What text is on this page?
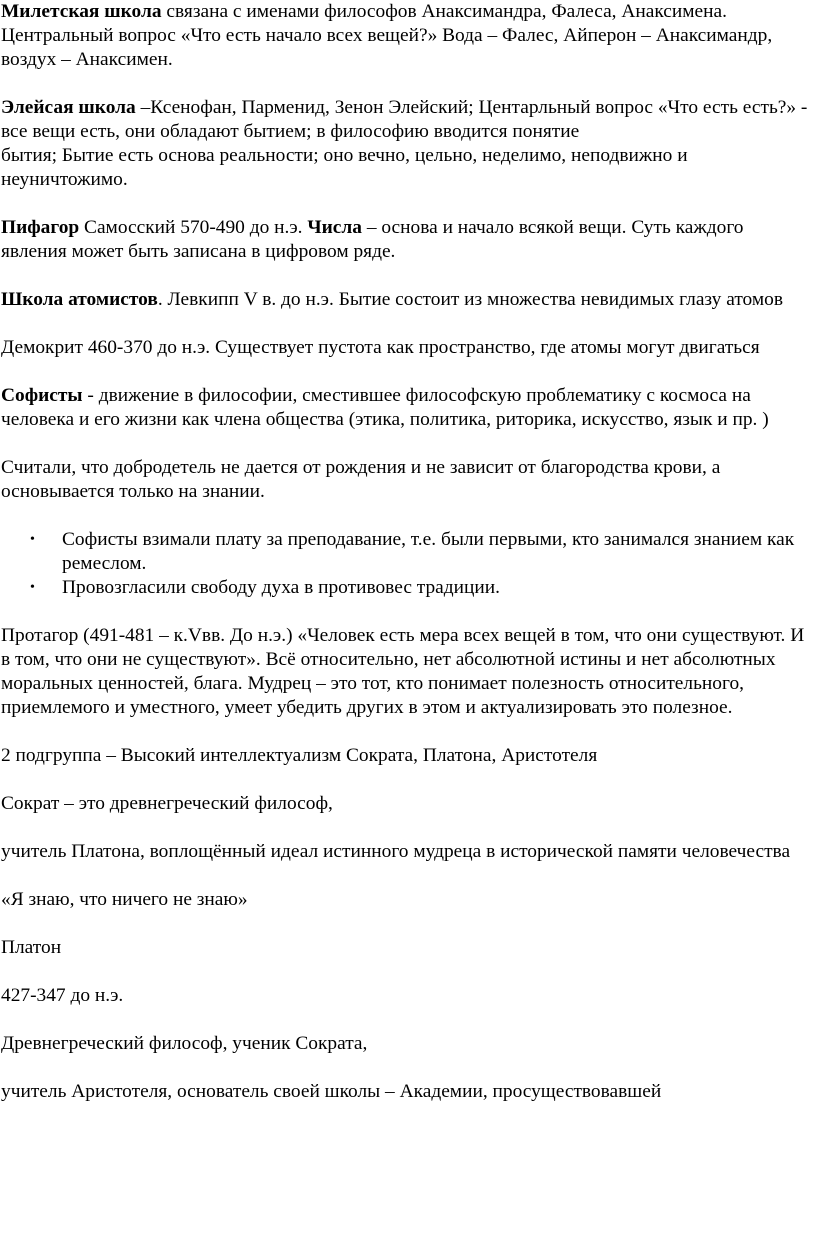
Милетская школа связана с именами философов Анаксимандра, Фалеса, Анаксимена. Центральный вопрос «Что есть начало всех вещей?» Вода – Фалес, Айперон – Анаксимандр, воздух – Анаксимен.

Элейсая школа –Ксенофан, Парменид, Зенон Элейский; Центарльный вопрос «Что есть есть?» - все вещи есть, они обладают бытием; в философию вводится понятие
бытия; Бытие есть основа реальности; оно вечно, цельно, неделимо, неподвижно и неуничтожимо.

Пифагор Самосский 570-490 до н.э. Числа – основа и начало всякой вещи. Суть каждого явления может быть записана в цифровом ряде.

Школа атомистов. Левкипп V в. до н.э. Бытие состоит из множества невидимых глазу атомов

Демокрит 460-370 до н.э. Существует пустота как пространство, где атомы могут двигаться

Софисты - движение в философии, сместившее философскую проблематику с космоса на человека и его жизни как члена общества (этика, политика, риторика, искусство, язык и пр. )

Считали, что добродетель не дается от рождения и не зависит от благородства крови, а основывается только на знании.

• Софисты взимали плату за преподавание, т.е. были первыми, кто занимался знанием как ремеслом.
• Провозгласили свободу духа в противовес традиции.

Протагор (491-481 – к.Vвв. До н.э.) «Человек есть мера всех вещей в том, что они существуют. И в том, что они не существуют». Всё относительно, нет абсолютной истины и нет абсолютных моральных ценностей, блага. Мудрец – это тот, кто понимает полезность относительного, приемлемого и уместного, умеет убедить других в этом и актуализировать это полезное.

2 подгруппа – Высокий интеллектуализм Сократа, Платона, Аристотеля

Сократ – это древнегреческий философ,

учитель Платона, воплощённый идеал истинного мудреца в исторической памяти человечества

«Я знаю, что ничего не знаю»

Платон

427-347 до н.э.

Древнегреческий философ, ученик Сократа,

учитель Аристотеля, основатель своей школы – Академии, просуществовавшей
